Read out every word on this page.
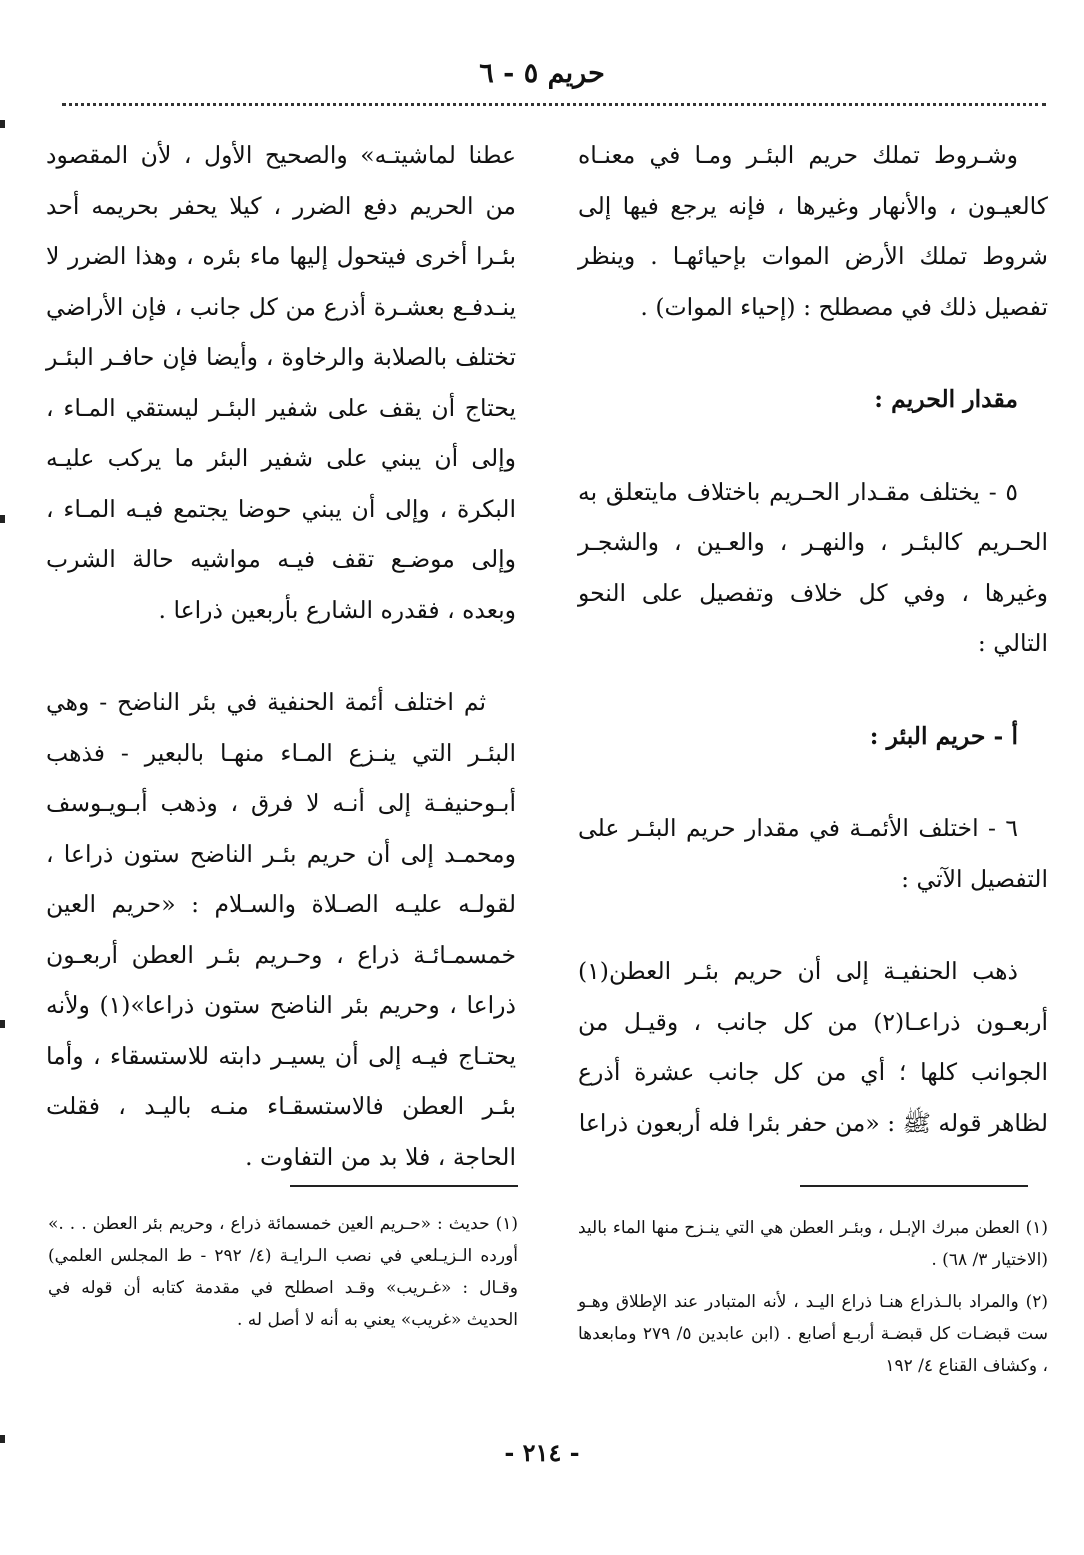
حريم ٥ - ٦

وشـروط تملك حريم البئـر ومـا في معنـاه كالعيـون ، والأنهار وغيرها ، فإنه يرجع فيها إلى شروط تملك الأرض الموات بإحيائهـا . وينظر تفصيل ذلك في مصطلح : (إحياء الموات) .

مقدار الحريم :

٥ - يختلف مقـدار الحـريم باختلاف مايتعلق به الحـريم كالبئـر ، والنهـر ، والعـين ، والشجـر وغيرها ، وفي كل خلاف وتفصيل على النحو التالي :

أ - حريم البئر :

٦ - اختلف الأئمـة في مقدار حريم البئـر على التفصيل الآتي :

ذهب الحنفيـة إلى أن حريم بئـر العطن(١) أربعـون ذراعـا(٢) من كل جانب ، وقيـل من الجوانب كلها ؛ أي من كل جانب عشرة أذرع لظاهر قوله ﷺ : «من حفر بئرا فله أربعون ذراعا

عطنا لماشيتـه» والصحيح الأول ، لأن المقصود من الحريم دفع الضرر ، كيلا يحفر بحريمه أحد بئـرا أخرى فيتحول إليها ماء بئره ، وهذا الضرر لا ينـدفـع بعشـرة أذرع من كل جانب ، فإن الأراضي تختلف بالصلابة والرخاوة ، وأيضا فإن حافـر البئـر يحتاج أن يقف على شفير البئـر ليستقي المـاء ، وإلى أن يبني على شفير البئر ما يركب عليـه البكرة ، وإلى أن يبني حوضا يجتمع فيـه المـاء ، وإلى موضـع تقف فيـه مواشيه حالة الشرب وبعده ، فقدره الشارع بأربعين ذراعا .

ثم اختلف أئمة الحنفية في بئر الناضح - وهي البئـر التي ينـزع المـاء منهـا بالبعير - فذهب أبـوحنيفـة إلى أنـه لا فرق ، وذهب أبـويـوسف ومحمـد إلى أن حريم بئـر الناضح ستون ذراعا ، لقولـه عليـه الصـلاة والسـلام : «حريم العين خمسمـائـة ذراع ، وحـريم بئـر العطن أربعـون ذراعا ، وحريم بئر الناضح ستون ذراعا»(١) ولأنه يحتـاج فيـه إلى أن يسيـر دابته للاستسقاء ، وأما بئـر العطن فالاستسقـاء منـه باليـد ، فقلت الحاجة ، فلا بد من التفاوت .

(١) العطن مبرك الإبـل ، وبئـر العطن هي التي ينـزح منها الماء باليد (الاختيار ٣/ ٦٨) .

(٢) والمراد بالـذراع هنـا ذراع اليـد ، لأنه المتبادر عند الإطلاق وهـو ست قبضـات كل قبضـة أربـع أصابع . (ابن عابدين ٥/ ٢٧٩ ومابعدها ، وكشاف القناع ٤/ ١٩٢

(١) حديث : «حـريم العين خمسمائة ذراع ، وحريم بئر العطن . . .» أورده الـزيـلعي في نصب الـرايـة (٤/ ٢٩٢ - ط المجلس العلمي) وقـال : «غـريب» وقـد اصطلح في مقدمة كتابه أن قوله في الحديث «غريب» يعني به أنه لا أصل له .

- ٢١٤ -
